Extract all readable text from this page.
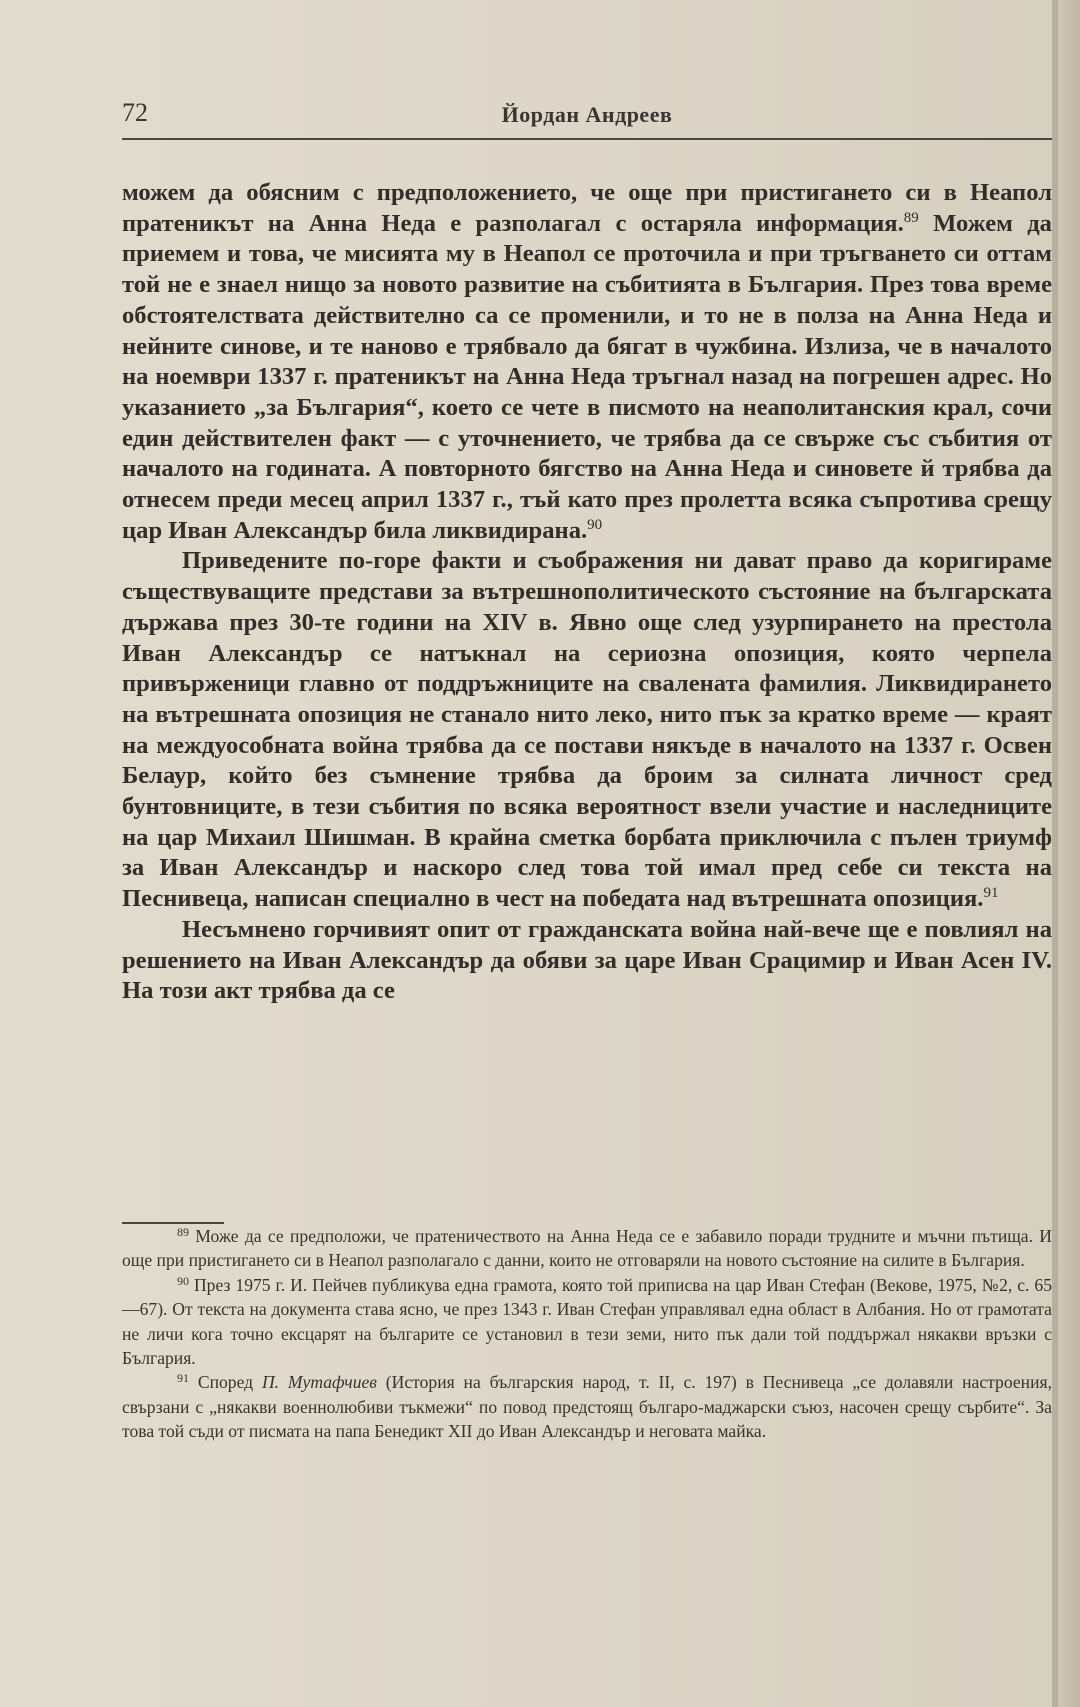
72	Йордан Андреев

можем да обясним с предположението, че още при пристигането си в Неапол пратеникът на Анна Неда е разполагал с остаряла информация.$^{89}$ Можем да приемем и това, че мисията му в Неапол се проточила и при тръгването си оттам той не е знаел нищо за новото развитие на събитията в България. През това време обстоятелствата действително са се променили, и то не в полза на Анна Неда и нейните синове, и те наново е трябвало да бягат в чужбина. Излиза, че в началото на ноември 1337 г. пратеникът на Анна Неда тръгнал назад на погрешен адрес. Но указанието „за България“, което се чете в писмото на неаполитанския крал, сочи един действителен факт — с уточнението, че трябва да се свърже със събития от началото на годината. А повторното бягство на Анна Неда и синовете й трябва да отнесем преди месец април 1337 г., тъй като през пролетта всяка съпротива срещу цар Иван Александър била ликвидирана.$^{90}$

Приведените по-горе факти и съображения ни дават право да коригираме съществуващите представи за вътрешнополитическото състояние на българската държава през 30-те години на XIV в. Явно още след узурпирането на престола Иван Александър се натъкнал на сериозна опозиция, която черпела привърженици главно от поддръжниците на свалената фамилия. Ликвидирането на вътрешната опозиция не станало нито леко, нито пък за кратко време — краят на междуособната война трябва да се постави някъде в началото на 1337 г. Освен Белаур, който без съмнение трябва да броим за силната личност сред бунтовниците, в тези събития по всяка вероятност взели участие и наследниците на цар Михаил Шишман. В крайна сметка борбата приключила с пълен триумф за Иван Александър и наскоро след това той имал пред себе си текста на Песнивеца, написан специално в чест на победата над вътрешната опозиция.$^{91}$

Несъмнено горчивият опит от гражданската война най-вече ще е повлиял на решението на Иван Александър да обяви за царе Иван Срацимир и Иван Асен IV. На този акт трябва да се

$^{89}$ Може да се предположи, че пратеничеството на Анна Неда се е забавило поради трудните и мъчни пътища. И още при пристигането си в Неапол разполагало с данни, които не отговаряли на новото състояние на силите в България.

$^{90}$ През 1975 г. И. Пейчев публикува една грамота, която той приписва на цар Иван Стефан (Векове, 1975, №2, с. 65—67). От текста на документа става ясно, че през 1343 г. Иван Стефан управлявал една област в Албания. Но от грамотата не личи кога точно ексцарят на българите се установил в тези земи, нито пък дали той поддържал някакви връзки с България.

$^{91}$ Според П. Мутафчиев (История на българския народ, т. II, с. 197) в Песнивеца „се долавяли настроения, свързани с „някакви военнолюбиви тъкмежи“ по повод предстоящ българо-маджарски съюз, насочен срещу сърбите“. За това той съди от писмата на папа Бенедикт XII до Иван Александър и неговата майка.
